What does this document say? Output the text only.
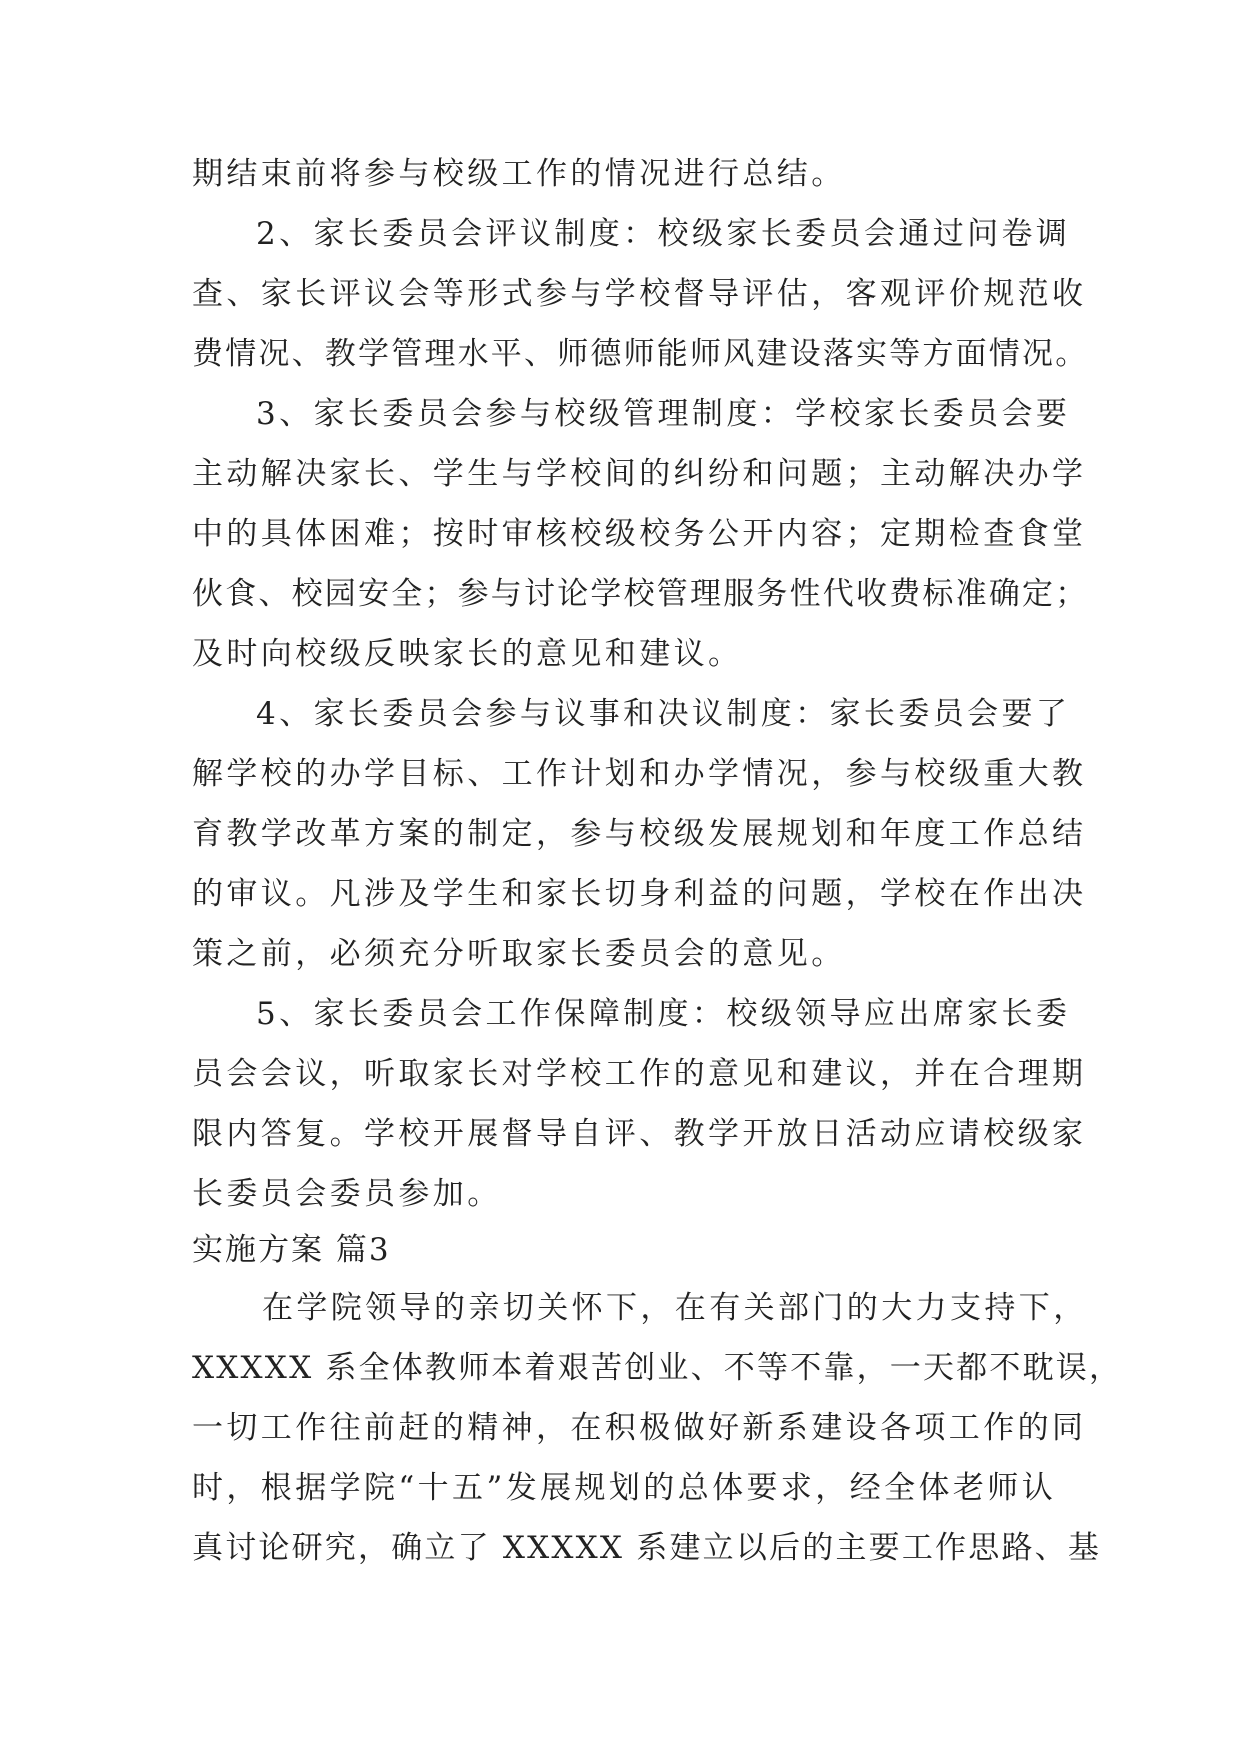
期结束前将参与校级工作的情况进行总结。
2、家长委员会评议制度：校级家长委员会通过问卷调
查、家长评议会等形式参与学校督导评估，客观评价规范收
费情况、教学管理水平、师德师能师风建设落实等方面情况。
3、家长委员会参与校级管理制度：学校家长委员会要
主动解决家长、学生与学校间的纠纷和问题；主动解决办学
中的具体困难；按时审核校级校务公开内容；定期检查食堂
伙食、校园安全；参与讨论学校管理服务性代收费标准确定；
及时向校级反映家长的意见和建议。
4、家长委员会参与议事和决议制度：家长委员会要了
解学校的办学目标、工作计划和办学情况，参与校级重大教
育教学改革方案的制定，参与校级发展规划和年度工作总结
的审议。凡涉及学生和家长切身利益的问题，学校在作出决
策之前，必须充分听取家长委员会的意见。
5、家长委员会工作保障制度：校级领导应出席家长委
员会会议，听取家长对学校工作的意见和建议，并在合理期
限内答复。学校开展督导自评、教学开放日活动应请校级家
长委员会委员参加。
实施方案 篇3
在学院领导的亲切关怀下，在有关部门的大力支持下，
XXXXX 系全体教师本着艰苦创业、不等不靠，一天都不耽误，
一切工作往前赶的精神，在积极做好新系建设各项工作的同
时，根据学院“十五”发展规划的总体要求，经全体老师认
真讨论研究，确立了 XXXXX 系建立以后的主要工作思路、基
